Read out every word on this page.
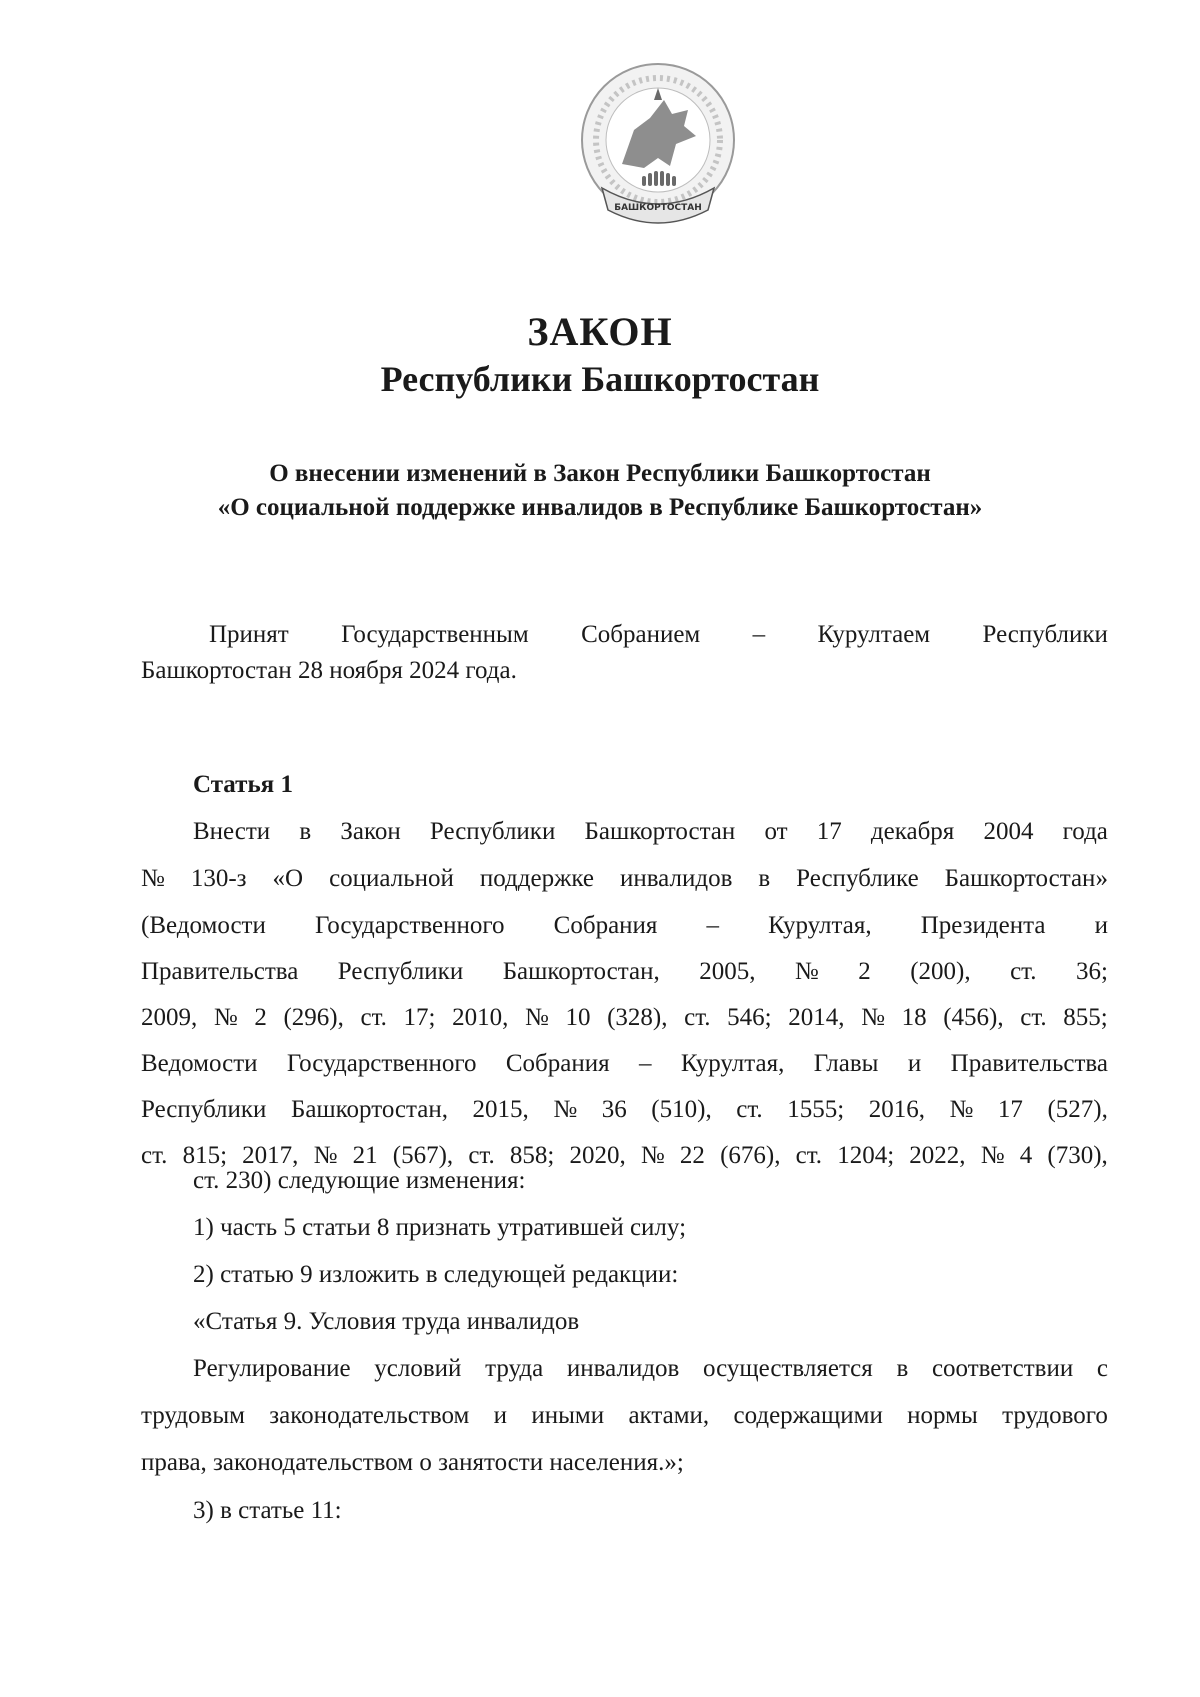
БАШКОРТОСТАН
ЗАКОН
Республики Башкортостан
О внесении изменений в Закон Республики Башкортостан
«О социальной поддержке инвалидов в Республике Башкортостан»
Принят Государственным Собранием – Курултаем Республики
Башкортостан 28 ноября 2024 года.
Статья 1
Внести в Закон Республики Башкортостан от 17 декабря 2004 года
№ 130-з «О социальной поддержке инвалидов в Республике Башкортостан»
(Ведомости Государственного Собрания – Курултая, Президента и
Правительства Республики Башкортостан, 2005, № 2 (200), ст. 36;
2009, № 2 (296), ст. 17; 2010, № 10 (328), ст. 546; 2014, № 18 (456), ст. 855;
Ведомости Государственного Собрания – Курултая, Главы и Правительства
Республики Башкортостан, 2015, № 36 (510), ст. 1555; 2016, № 17 (527),
ст. 815; 2017, № 21 (567), ст. 858; 2020, № 22 (676), ст. 1204; 2022, № 4 (730),
ст. 230) следующие изменения:
1) часть 5 статьи 8 признать утратившей силу;
2) статью 9 изложить в следующей редакции:
«Статья 9. Условия труда инвалидов
Регулирование условий труда инвалидов осуществляется в соответствии с
трудовым законодательством и иными актами, содержащими нормы трудового
права, законодательством о занятости населения.»;
3) в статье 11:
